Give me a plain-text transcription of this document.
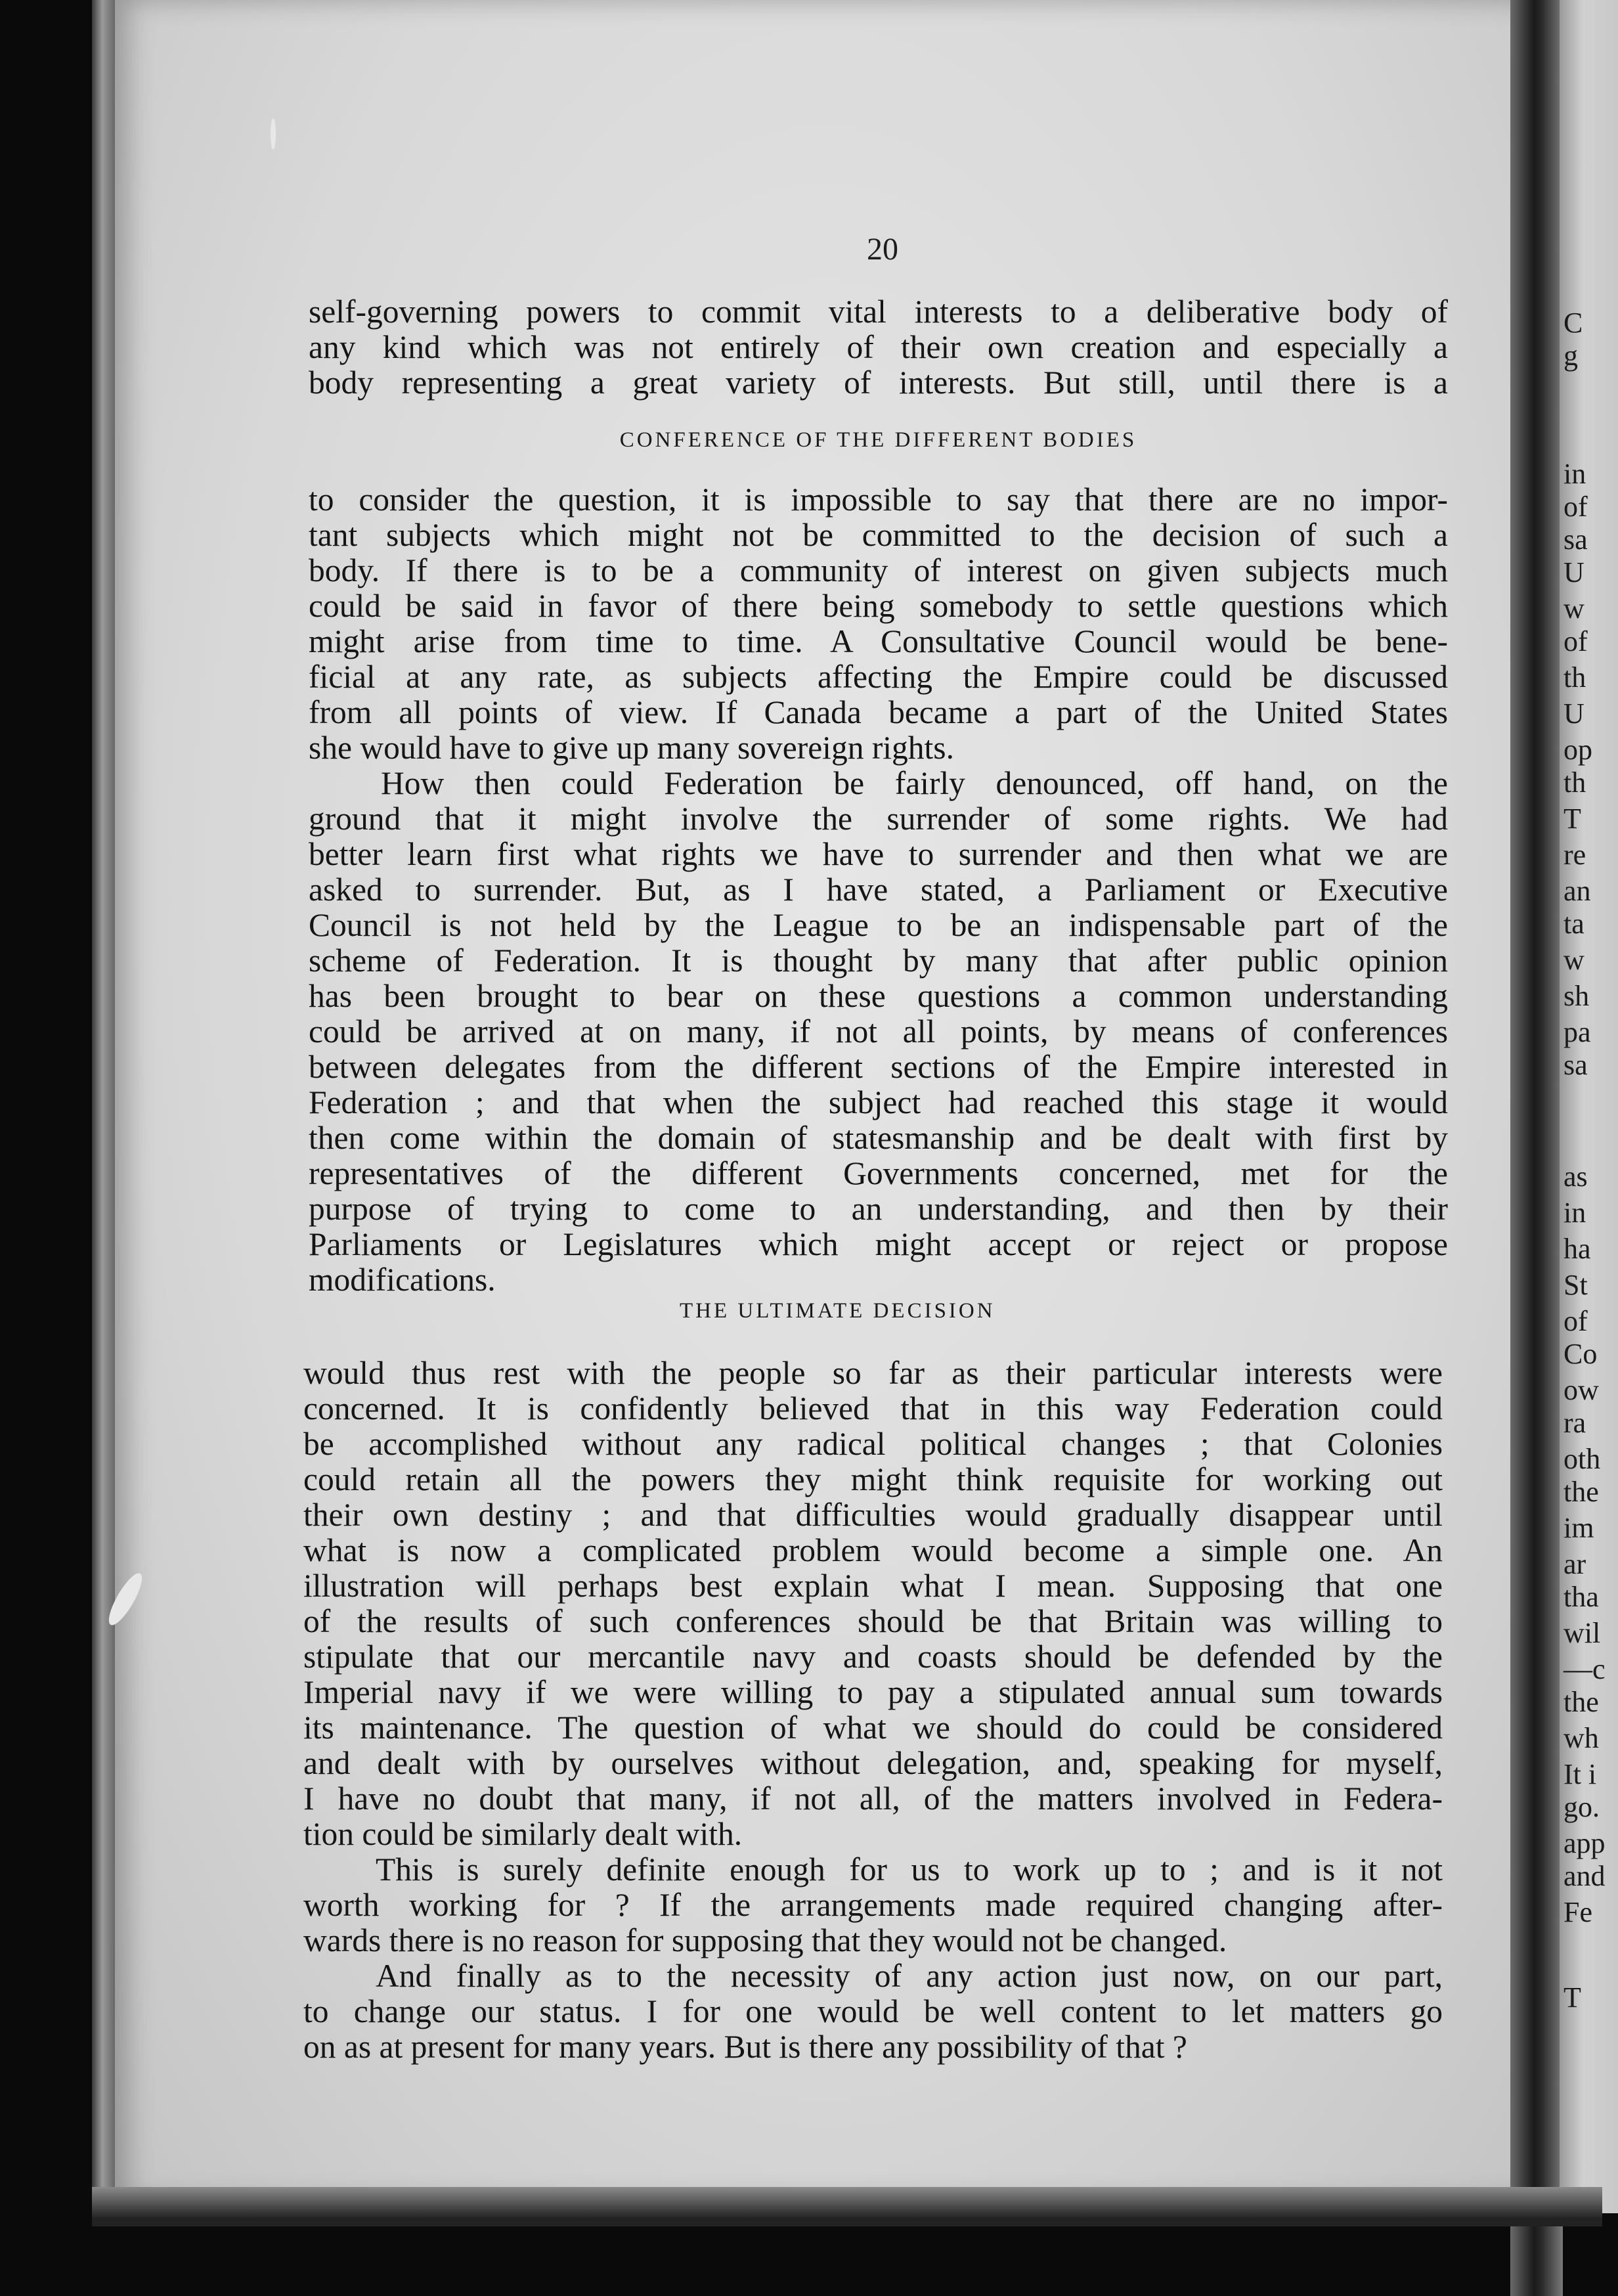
C
g
in
of
sa
U
w
of
th
U
op
th
T
re
an
ta
w
sh
pa
sa
as
in
ha
St
of
Co
ow
ra
oth
the
im
ar
tha
wil
—c
the
wh
It i
go.
app
and
Fe
T
20
self-governing powers to commit vital interests to a deliberative body of
any kind which was not entirely of their own creation and especially a
body representing a great variety of interests. But still, until there is a
CONFERENCE OF THE DIFFERENT BODIES
to consider the question, it is impossible to say that there are no impor-
tant subjects which might not be committed to the decision of such a
body. If there is to be a community of interest on given subjects much
could be said in favor of there being somebody to settle questions which
might arise from time to time. A Consultative Council would be bene-
ficial at any rate, as subjects affecting the Empire could be discussed
from all points of view. If Canada became a part of the United States
she would have to give up many sovereign rights.
How then could Federation be fairly denounced, off hand, on the
ground that it might involve the surrender of some rights. We had
better learn first what rights we have to surrender and then what we are
asked to surrender. But, as I have stated, a Parliament or Executive
Council is not held by the League to be an indispensable part of the
scheme of Federation. It is thought by many that after public opinion
has been brought to bear on these questions a common understanding
could be arrived at on many, if not all points, by means of conferences
between delegates from the different sections of the Empire interested in
Federation ; and that when the subject had reached this stage it would
then come within the domain of statesmanship and be dealt with first by
representatives of the different Governments concerned, met for the
purpose of trying to come to an understanding, and then by their
Parliaments or Legislatures which might accept or reject or propose
modifications.
THE ULTIMATE DECISION
would thus rest with the people so far as their particular interests were
concerned. It is confidently believed that in this way Federation could
be accomplished without any radical political changes ; that Colonies
could retain all the powers they might think requisite for working out
their own destiny ; and that difficulties would gradually disappear until
what is now a complicated problem would become a simple one. An
illustration will perhaps best explain what I mean. Supposing that one
of the results of such conferences should be that Britain was willing to
stipulate that our mercantile navy and coasts should be defended by the
Imperial navy if we were willing to pay a stipulated annual sum towards
its maintenance. The question of what we should do could be considered
and dealt with by ourselves without delegation, and, speaking for myself,
I have no doubt that many, if not all, of the matters involved in Federa-
tion could be similarly dealt with.
This is surely definite enough for us to work up to ; and is it not
worth working for ? If the arrangements made required changing after-
wards there is no reason for supposing that they would not be changed.
And finally as to the necessity of any action just now, on our part,
to change our status. I for one would be well content to let matters go
on as at present for many years. But is there any possibility of that ?
